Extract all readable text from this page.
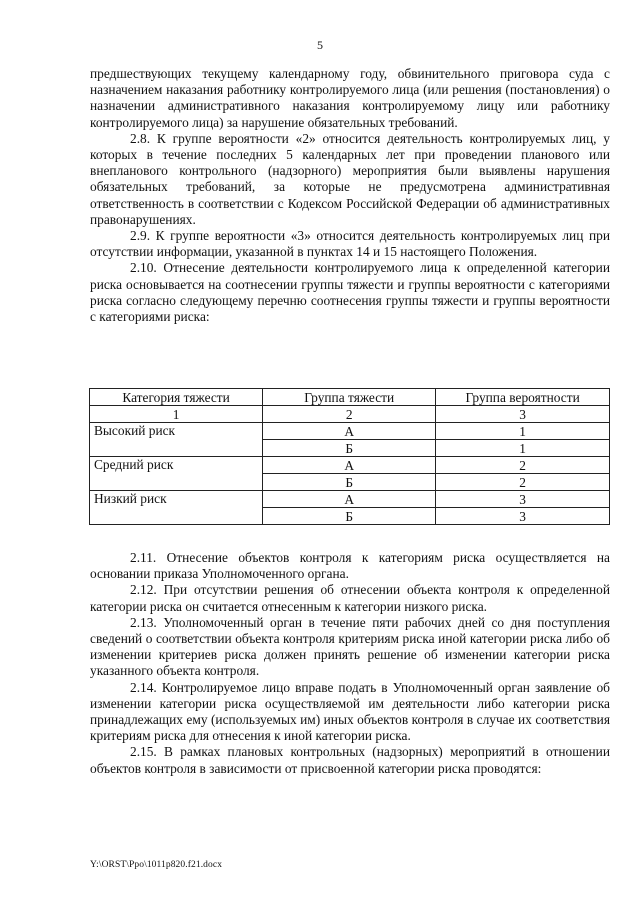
5

предшествующих текущему календарному году, обвинительного приговора суда с назначением наказания работнику контролируемого лица (или решения (постановления) о назначении административного наказания контролируемому лицу или работнику контролируемого лица) за нарушение обязательных требований.

2.8. К группе вероятности «2» относится деятельность контролируемых лиц, у которых в течение последних 5 календарных лет при проведении планового или внепланового контрольного (надзорного) мероприятия были выявлены нарушения обязательных требований, за которые не предусмотрена административная ответственность в соответствии с Кодексом Российской Федерации об административных правонарушениях.

2.9. К группе вероятности «3» относится деятельность контролируемых лиц при отсутствии информации, указанной в пунктах 14 и 15 настоящего Положения.

2.10. Отнесение деятельности контролируемого лица к определенной категории риска основывается на соотнесении группы тяжести и группы вероятности с категориями риска согласно следующему перечню соотнесения группы тяжести и группы вероятности с категориями риска:

Категория тяжести	Группа тяжести	Группа вероятности
1	2	3
Высокий риск	А	1
	Б	1
Средний риск	А	2
	Б	2
Низкий риск	А	3
	Б	3

2.11. Отнесение объектов контроля к категориям риска осуществляется на основании приказа Уполномоченного органа.

2.12. При отсутствии решения об отнесении объекта контроля к определенной категории риска он считается отнесенным к категории низкого риска.

2.13. Уполномоченный орган в течение пяти рабочих дней со дня поступления сведений о соответствии объекта контроля критериям риска иной категории риска либо об изменении критериев риска должен принять решение об изменении категории риска указанного объекта контроля.

2.14. Контролируемое лицо вправе подать в Уполномоченный орган заявление об изменении категории риска осуществляемой им деятельности либо категории риска принадлежащих ему (используемых им) иных объектов контроля в случае их соответствия критериям риска для отнесения к иной категории риска.

2.15. В рамках плановых контрольных (надзорных) мероприятий в отношении объектов контроля в зависимости от присвоенной категории риска проводятся:

Y:\ORST\Ppo\1011p820.f21.docx
